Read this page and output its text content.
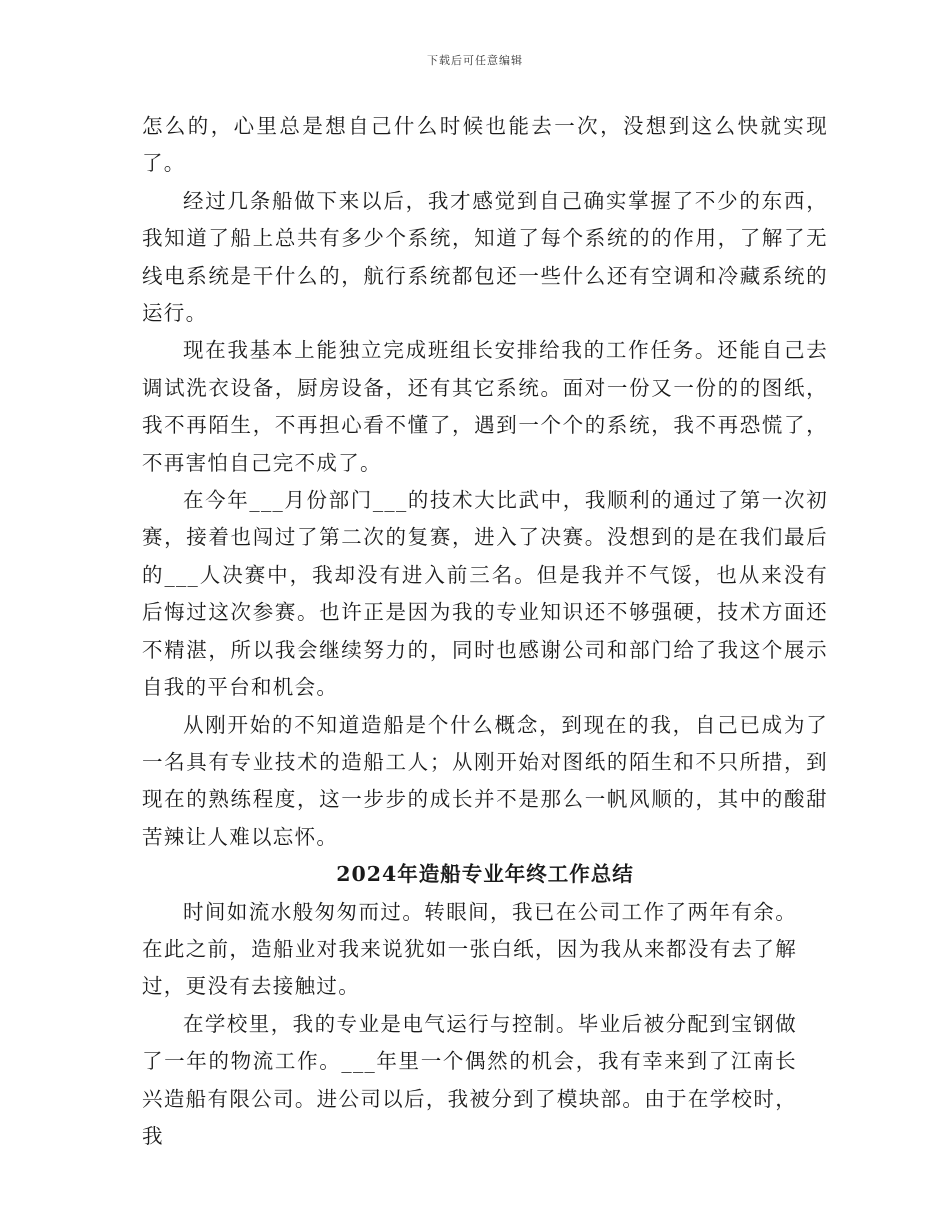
下载后可任意编辑

怎么的，心里总是想自己什么时候也能去一次，没想到这么快就实现了。

经过几条船做下来以后，我才感觉到自己确实掌握了不少的东西，我知道了船上总共有多少个系统，知道了每个系统的的作用，了解了无线电系统是干什么的，航行系统都包还一些什么还有空调和冷藏系统的运行。

现在我基本上能独立完成班组长安排给我的工作任务。还能自己去调试洗衣设备，厨房设备，还有其它系统。面对一份又一份的的图纸，我不再陌生，不再担心看不懂了，遇到一个个的系统，我不再恐慌了，不再害怕自己完不成了。

在今年___月份部门___的技术大比武中，我顺利的通过了第一次初赛，接着也闯过了第二次的复赛，进入了决赛。没想到的是在我们最后的___人决赛中，我却没有进入前三名。但是我并不气馁，也从来没有后悔过这次参赛。也许正是因为我的专业知识还不够强硬，技术方面还不精湛，所以我会继续努力的，同时也感谢公司和部门给了我这个展示自我的平台和机会。

从刚开始的不知道造船是个什么概念，到现在的我，自己已成为了一名具有专业技术的造船工人；从刚开始对图纸的陌生和不只所措，到现在的熟练程度，这一步步的成长并不是那么一帆风顺的，其中的酸甜苦辣让人难以忘怀。

2024年造船专业年终工作总结

时间如流水般匆匆而过。转眼间，我已在公司工作了两年有余。在此之前，造船业对我来说犹如一张白纸，因为我从来都没有去了解过，更没有去接触过。

在学校里，我的专业是电气运行与控制。毕业后被分配到宝钢做了一年的物流工作。___年里一个偶然的机会，我有幸来到了江南长兴造船有限公司。进公司以后，我被分到了模块部。由于在学校时，我
